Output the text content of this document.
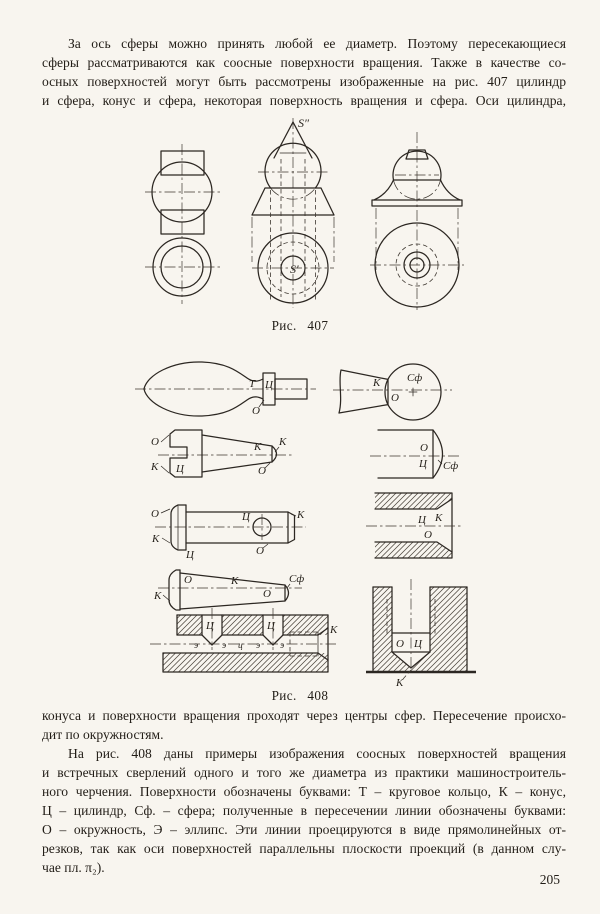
За ось сферы можно принять любой ее диаметр. Поэтому пересекающиеся
сферы рассматриваются как соосные поверхности вращения. Также в качестве со-
осных поверхностей могут быть рассмотрены изображенные на рис. 407 цилиндр
и сфера, конус и сфера, некоторая поверхность вращения и сфера. Оси цилиндра,
S″
S′
Рис. 407
Т Ц
О
К
О
Сф
О
К Ц
К К
О
О
Ц Сф
О
К
Ц
Ц	К
О
Ц К
О
О
К
К
О
Сф
Ц	Ц
э	э ц э э
К
О Ц
К
Рис. 408
конуса и поверхности вращения проходят через центры сфер. Пересечение происхо-
дит по окружностям.
На рис. 408 даны примеры изображения соосных поверхностей вращения
и встречных сверлений одного и того же диаметра из практики машиностроитель-
ного черчения. Поверхности обозначены буквами: Т – круговое кольцо, К – конус,
Ц – цилиндр, Сф. – сфера; полученные в пересечении линии обозначены буквами:
О – окружность, Э – эллипс. Эти линии проецируются в виде прямолинейных от-
резков, так как оси поверхностей параллельны плоскости проекций (в данном слу-
чае пл. π₂).
205
